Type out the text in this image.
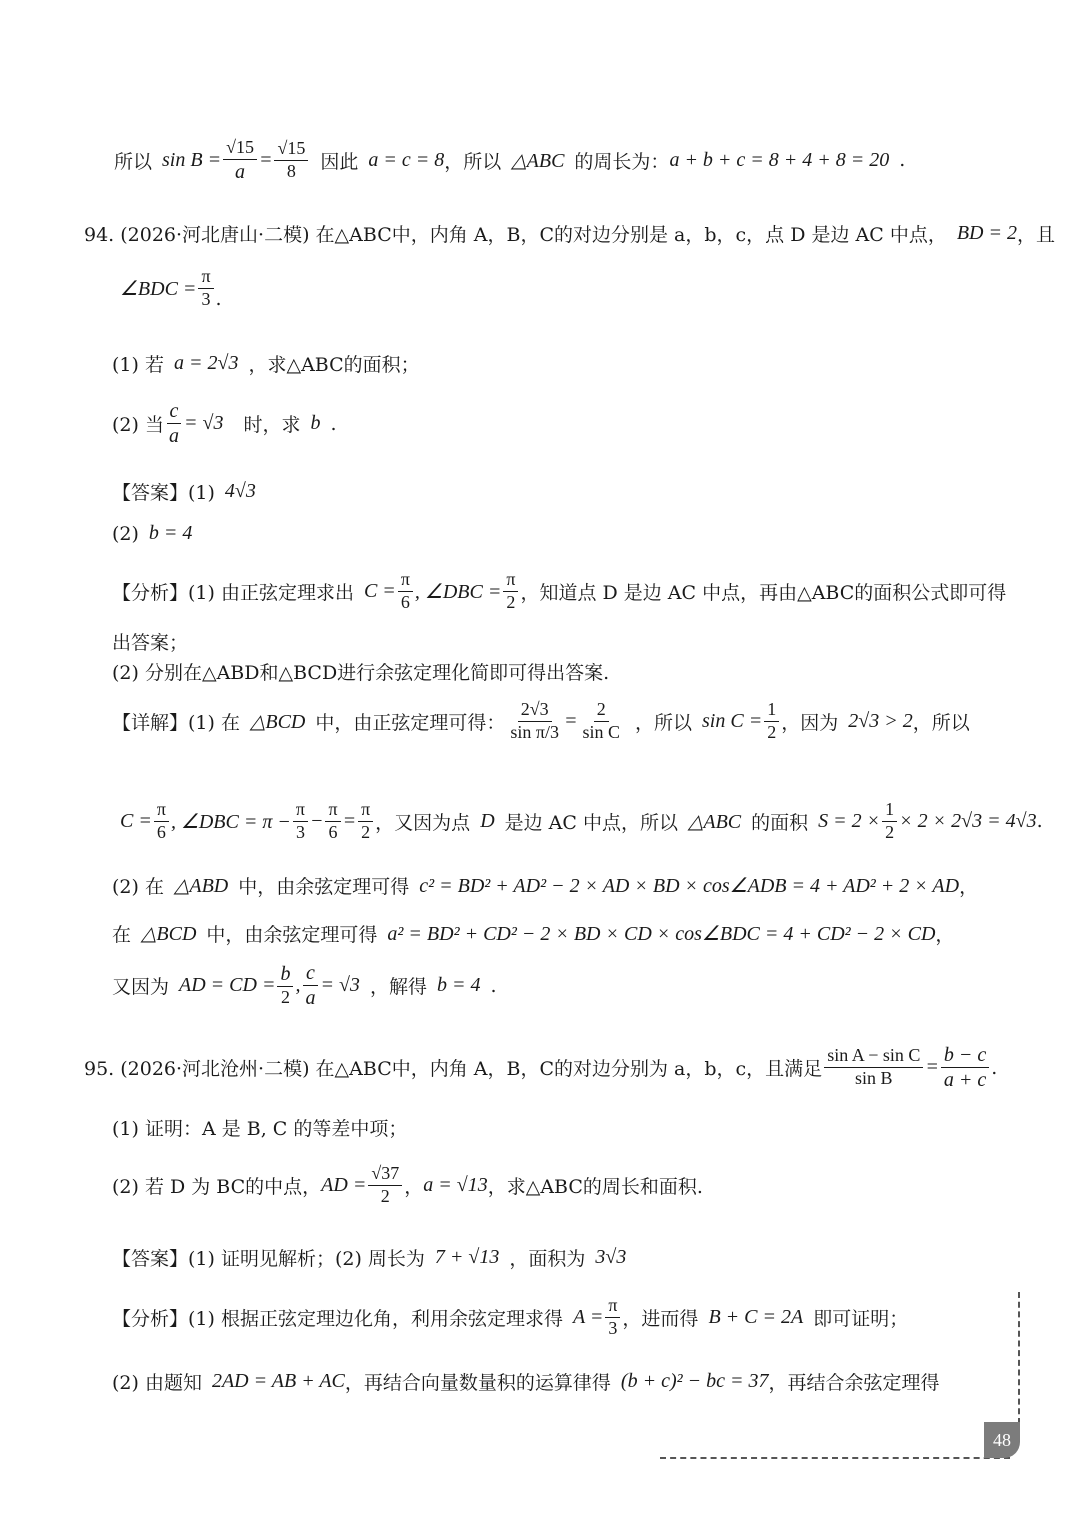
所以 $\sin B = \frac{√15}{a} = \frac{√15}{8}$ 因此 a = c = 8 ，所以 △ABC 的周长为： a + b + c = 8 + 4 + 8 = 20 .
94. (2026·河北唐山·二模) 在△ABC中，内角 A，B，C的对边分别是 a，b，c，点 D 是边 AC 中点， BD = 2 ，且
∠BDC = $\frac{\pi}{3}$ .
(1) 若 a = 2√3 ，求△ABC的面积；
(2) 当 $\frac{c}{a} = √3$ 时，求 b .
【答案】(1) 4√3
(2) b = 4
【分析】(1) 由正弦定理求出 $C = \frac{\pi}{6}$ , ∠DBC = $\frac{\pi}{2}$ ，知道点 D 是边 AC 中点，再由△ABC的面积公式即可得
出答案；
(2) 分别在△ABD和△BCD进行余弦定理化简即可得出答案.
【详解】(1) 在 △BCD 中，由正弦定理可得： $\frac{2√3}{\text{sin π/3}} = \frac{2}{\text{sin C}}$ ，所以 $\sin C = \frac{1}{2}$ ，因为 2√3 > 2 ，所以
$C = \frac{\pi}{6}$ , ∠DBC = $\pi - \frac{\pi}{3} - \frac{\pi}{6} = \frac{\pi}{2}$ ，又因为点 D 是边 AC 中点，所以 △ABC 的面积 $S = 2 \times \frac{1}{2} \times 2 \times 2√3 = 4√3$ .
(2) 在 △ABD 中，由余弦定理可得 c² = BD² + AD² − 2 × AD × BD × cos∠ADB = 4 + AD² + 2 × AD ，
在 △BCD 中，由余弦定理可得 a² = BD² + CD² − 2 × BD × CD × cos∠BDC = 4 + CD² − 2 × CD ，
又因为 AD = CD = $\frac{b}{2}$ , $\frac{c}{a} = √3$ ，解得 b = 4 .
95. (2026·河北沧州·二模) 在△ABC中，内角 A，B，C的对边分别为 a，b，c，且满足 $\frac{\text{sin A − sin C}}{\text{sin B}} = \frac{b - c}{a + c}$ .
(1) 证明：A 是 B, C 的等差中项；
(2) 若 D 为 BC的中点， AD = $\frac{√37}{2}$ ， a = √13 ，求△ABC的周长和面积.
【答案】(1) 证明见解析；(2) 周长为 7 + √13 ，面积为 3√3
【分析】(1) 根据正弦定理边化角，利用余弦定理求得 $A = \frac{\pi}{3}$ ，进而得 B + C = 2A 即可证明；
(2) 由题知 2AD = AB + AC ，再结合向量数量积的运算律得 (b + c)² − bc = 37 ，再结合余弦定理得
48
